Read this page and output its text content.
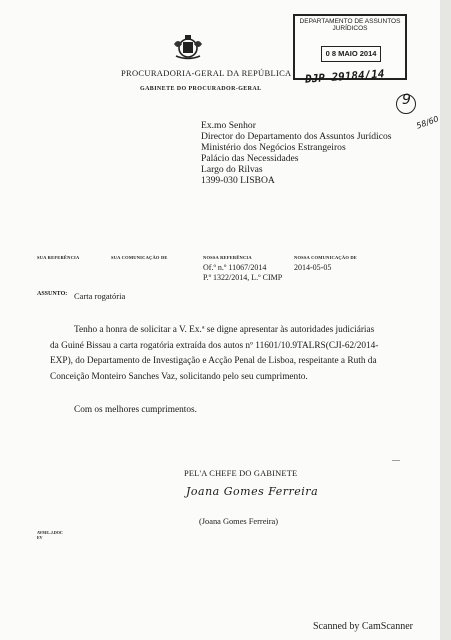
PROCURADORIA-GERAL DA REPÚBLICA
GABINETE DO PROCURADOR-GERAL
DEPARTAMENTO DE ASSUNTOS
JURÍDICOS
0 8 MAIO 2014
DJP 29184/14
9
58/60
Ex.mo Senhor
Director do Departamento dos Assuntos Jurídicos
Ministério dos Negócios Estrangeiros
Palácio das Necessidades
Largo do Rilvas
1399-030 LISBOA
SUA REFERÊNCIA	SUA COMUNICAÇÃO DE	NOSSA REFERÊNCIA
Of.º n.º 11067/2014
P.º 1322/2014, L.º CIMP
NOSSA COMUNICAÇÃO DE
2014-05-05
ASSUNTO: Carta rogatória
Tenho a honra de solicitar a V. Ex.ª se digne apresentar às autoridades judiciárias
da Guiné Bissau a carta rogatória extraída dos autos nº 11601/10.9TALRS(CJI-62/2014-
EXP), do Departamento de Investigação e Acção Penal de Lisboa, respeitante a Ruth da
Conceição Monteiro Sanches Vaz, solicitando pelo seu cumprimento.
Com os melhores cumprimentos.
—
PEL'A CHEFE DO GABINETE
Joana Gomes Ferreira
(Joana Gomes Ferreira)
AVM/L.J.DOC
EV
Scanned by CamScanner
